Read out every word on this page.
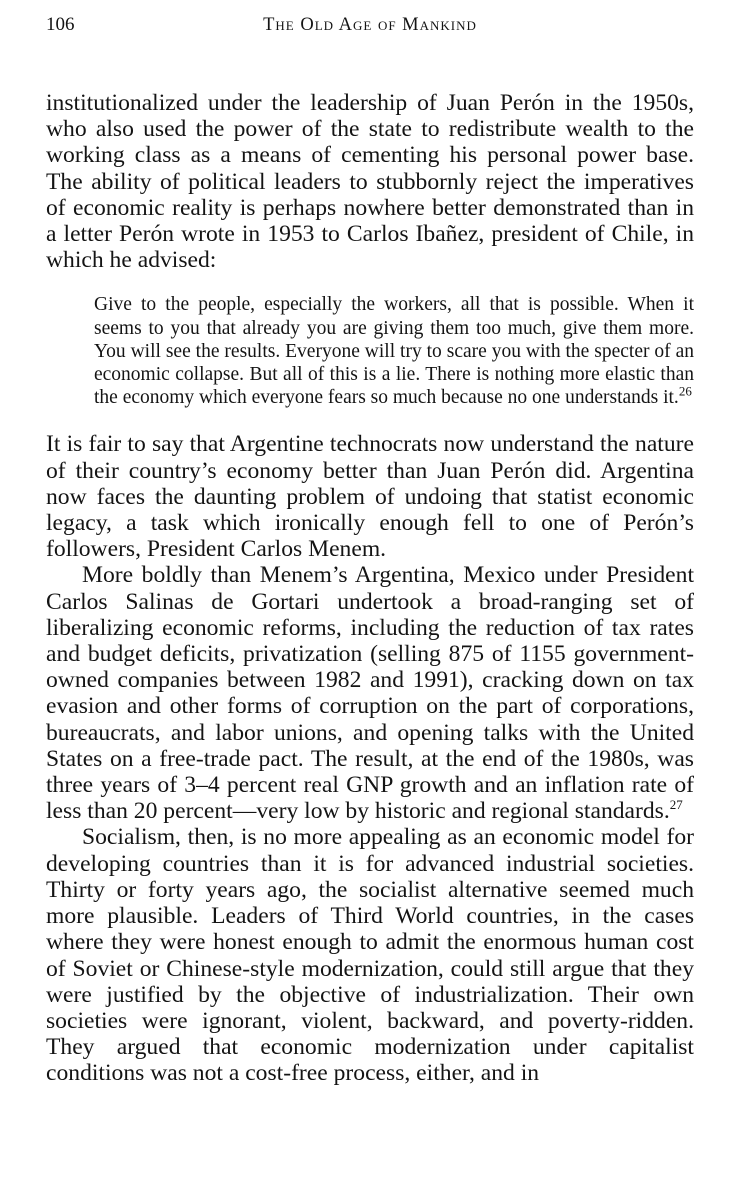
106	The Old Age of Mankind

institutionalized under the leadership of Juan Perón in the 1950s, who also used the power of the state to redistribute wealth to the working class as a means of cementing his personal power base. The ability of political leaders to stubbornly reject the imperatives of economic reality is perhaps nowhere better demonstrated than in a letter Perón wrote in 1953 to Carlos Ibañez, president of Chile, in which he advised:

Give to the people, especially the workers, all that is possible. When it seems to you that already you are giving them too much, give them more. You will see the results. Everyone will try to scare you with the specter of an economic collapse. But all of this is a lie. There is nothing more elastic than the economy which everyone fears so much because no one understands it.$^{26}$

It is fair to say that Argentine technocrats now understand the nature of their country’s economy better than Juan Perón did. Argentina now faces the daunting problem of undoing that statist economic legacy, a task which ironically enough fell to one of Perón’s followers, President Carlos Menem.

More boldly than Menem’s Argentina, Mexico under President Carlos Salinas de Gortari undertook a broad-ranging set of liberalizing economic reforms, including the reduction of tax rates and budget deficits, privatization (selling 875 of 1155 government-owned companies between 1982 and 1991), cracking down on tax evasion and other forms of corruption on the part of corporations, bureaucrats, and labor unions, and opening talks with the United States on a free-trade pact. The result, at the end of the 1980s, was three years of 3–4 percent real GNP growth and an inflation rate of less than 20 percent—very low by historic and regional standards.$^{27}$

Socialism, then, is no more appealing as an economic model for developing countries than it is for advanced industrial societies. Thirty or forty years ago, the socialist alternative seemed much more plausible. Leaders of Third World countries, in the cases where they were honest enough to admit the enormous human cost of Soviet or Chinese-style modernization, could still argue that they were justified by the objective of industrialization. Their own societies were ignorant, violent, backward, and poverty-ridden. They argued that economic modernization under capitalist conditions was not a cost-free process, either, and in
